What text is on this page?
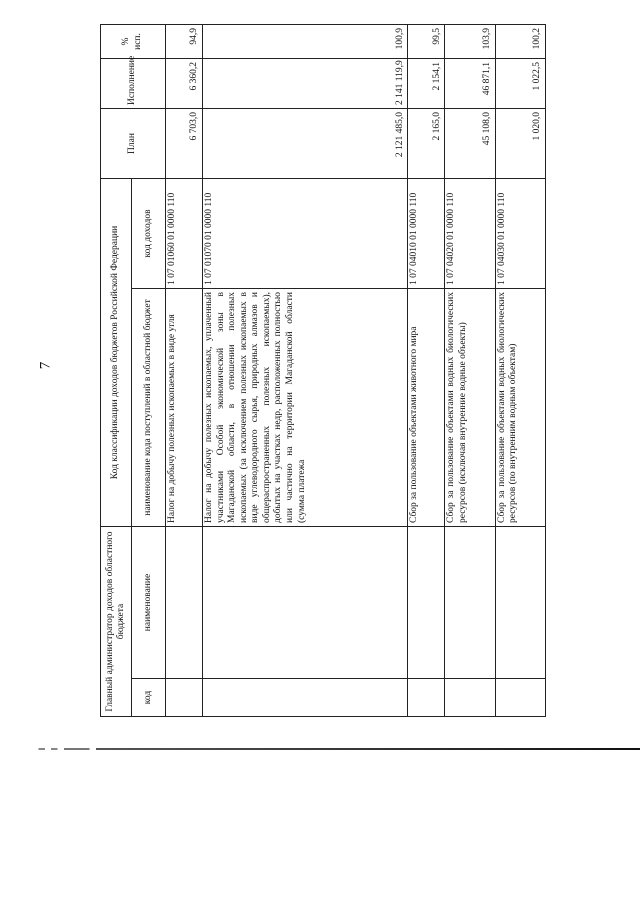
7
Главный администратор доходов областного бюджета		Код классификации доходов бюджетов Российской Федерации		План	Исполнение	% исп.
код	наименование	наименование кода поступлений в областной бюджет	код доходов			
		Налог на добычу полезных ископаемых в виде угля	1 07 01060 01 0000 110	6 703,0	6 360,2	94,9
		Налог на добычу полезных ископаемых, уплаченный участниками Особой экономической зоны в Магаданской области, в отношении полезных ископаемых (за исключением полезных ископаемых в виде углеводородного сырья, природных алмазов и общераспространенных полезных ископаемых), добытых на участках недр, расположенных полностью или частично на территории Магаданской области (сумма платежа	1 07 01070 01 0000 110	2 121 485,0	2 141 119,9	100,9
		Сбор за пользование объектами животного мира	1 07 04010 01 0000 110	2 165,0	2 154,1	99,5
		Сбор за пользование объектами водных биологических ресурсов (исключая внутренние водные объекты)	1 07 04020 01 0000 110	45 108,0	46 871,1	103,9
		Сбор за пользование объектами водных биологических ресурсов (по внутренним водным объектам)	1 07 04030 01 0000 110	1 020,0	1 022,5	100,2
